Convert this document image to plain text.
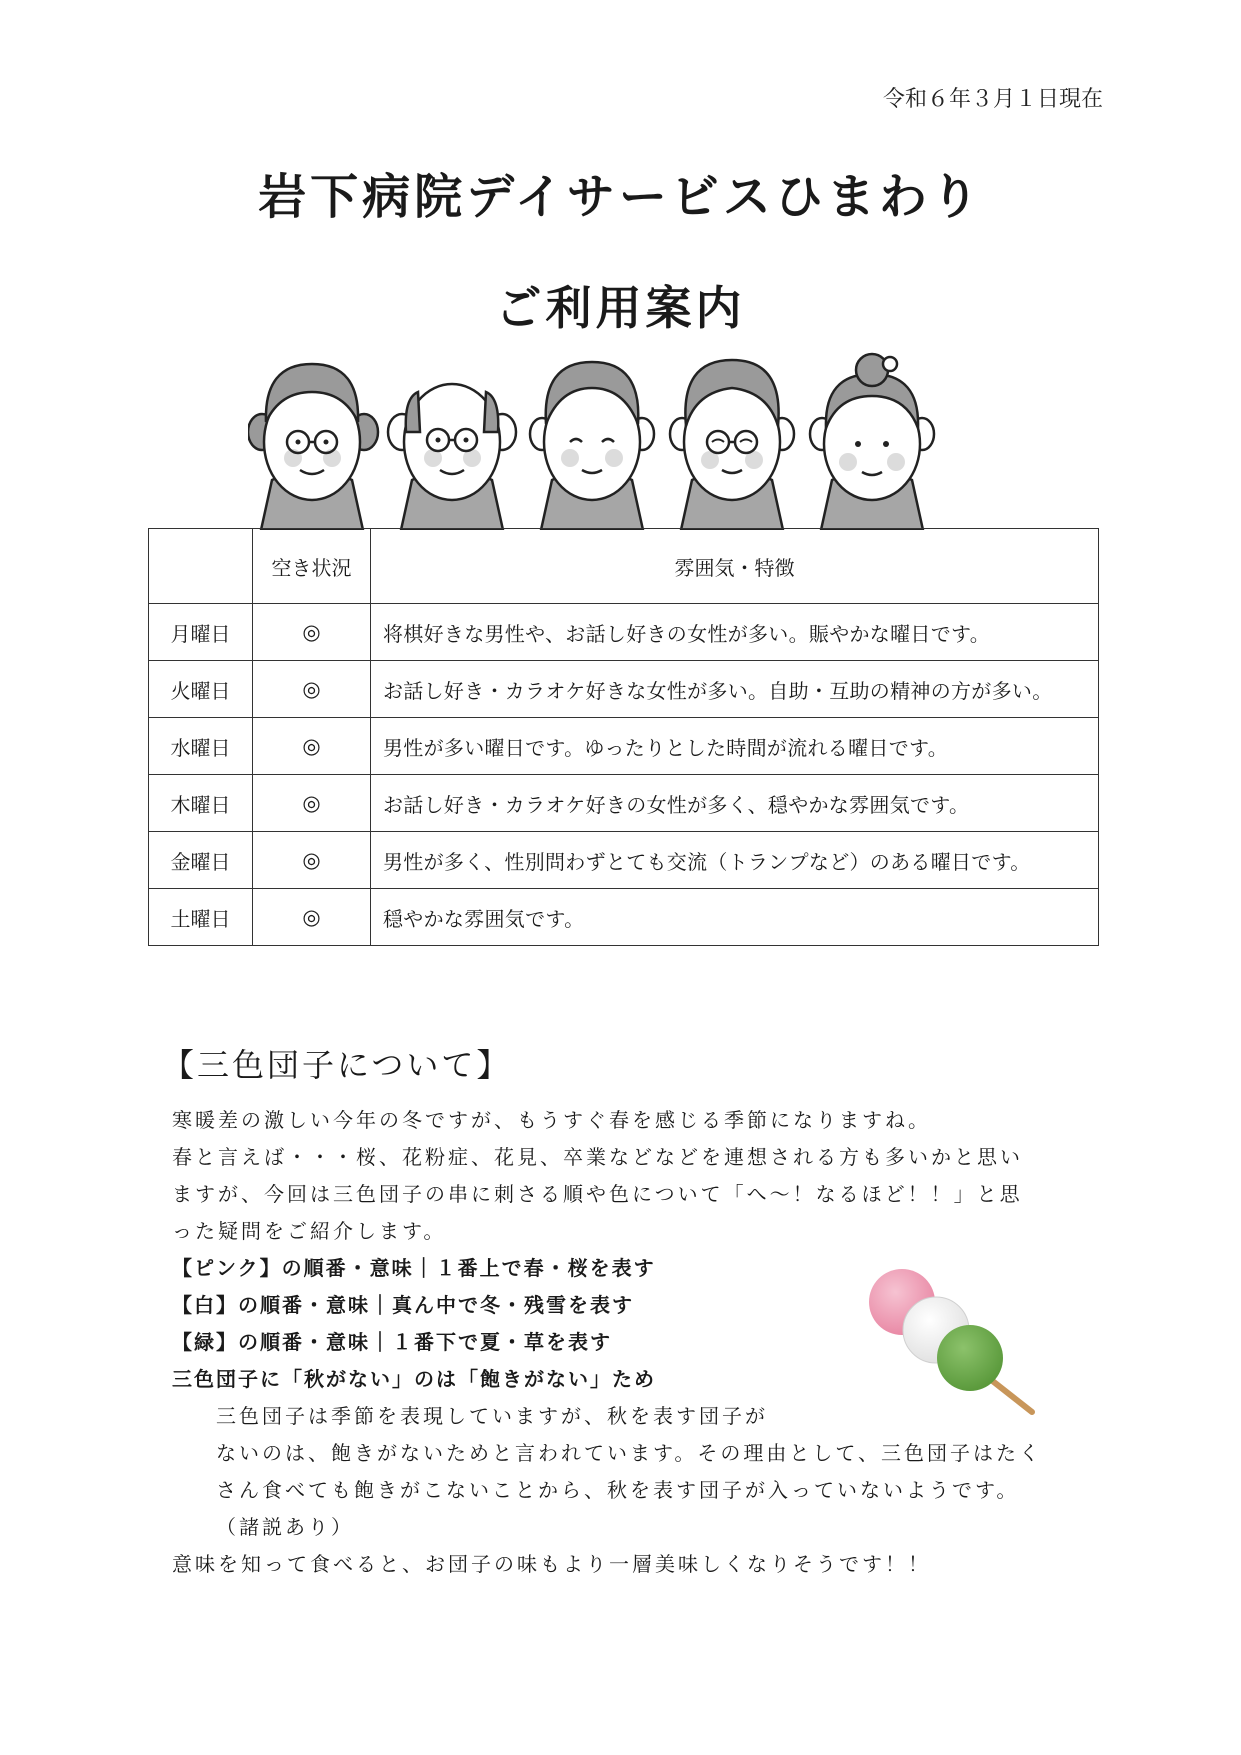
令和６年３月１日現在
岩下病院デイサービスひまわり
ご利用案内
	空き状況	雰囲気・特徴
月曜日	◎	将棋好きな男性や、お話し好きの女性が多い。賑やかな曜日です。
火曜日	◎	お話し好き・カラオケ好きな女性が多い。自助・互助の精神の方が多い。
水曜日	◎	男性が多い曜日です。ゆったりとした時間が流れる曜日です。
木曜日	◎	お話し好き・カラオケ好きの女性が多く、穏やかな雰囲気です。
金曜日	◎	男性が多く、性別問わずとても交流（トランプなど）のある曜日です。
土曜日	◎	穏やかな雰囲気です。
【三色団子について】
寒暖差の激しい今年の冬ですが、もうすぐ春を感じる季節になりますね。
春と言えば・・・桜、花粉症、花見、卒業などなどを連想される方も多いかと思い
ますが、今回は三色団子の串に刺さる順や色について「へ～！なるほど！！」と思
った疑問をご紹介します。
【ピンク】の順番・意味｜１番上で春・桜を表す
【白】の順番・意味｜真ん中で冬・残雪を表す
【緑】の順番・意味｜１番下で夏・草を表す
三色団子に「秋がない」のは「飽きがない」ため
三色団子は季節を表現していますが、秋を表す団子が
ないのは、飽きがないためと言われています。その理由として、三色団子はたく
さん食べても飽きがこないことから、秋を表す団子が入っていないようです。
（諸説あり）
意味を知って食べると、お団子の味もより一層美味しくなりそうです！！
